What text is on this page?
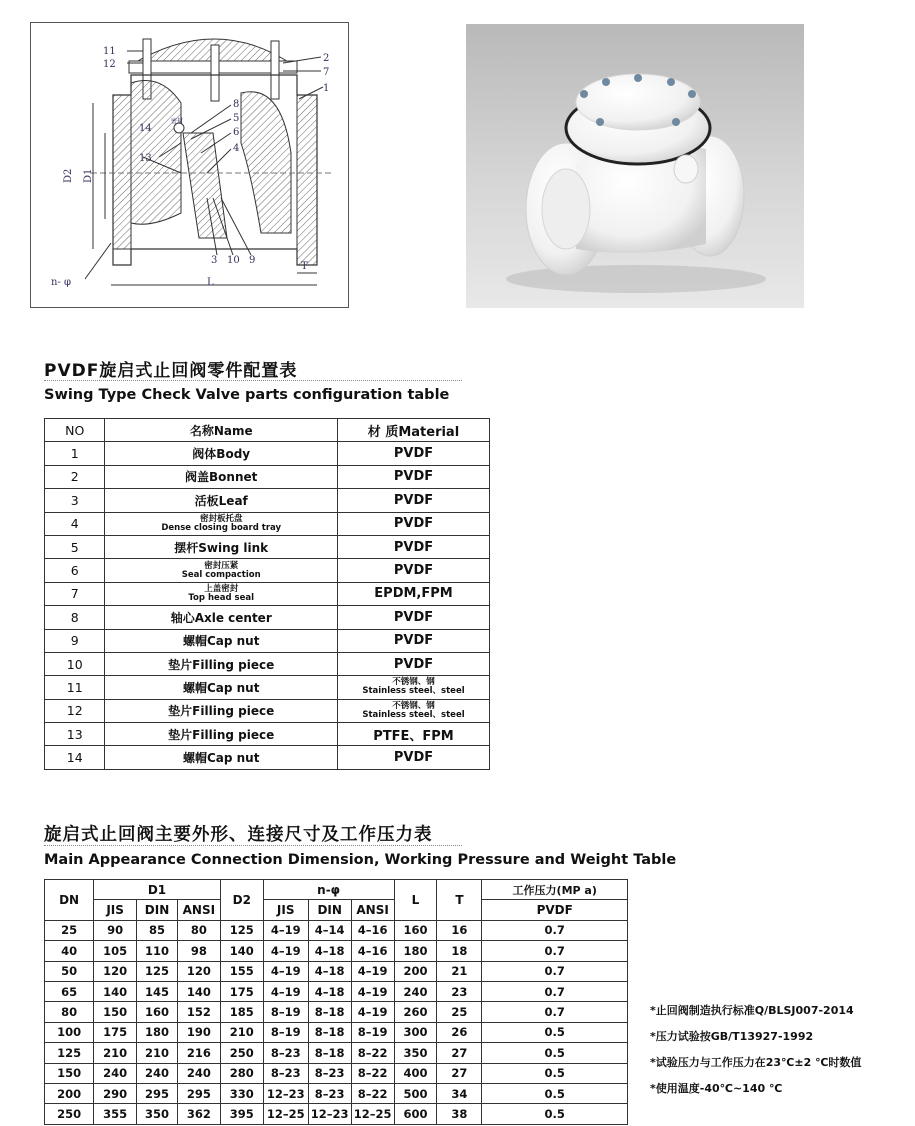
11
12
2
7
1
8
5
6
4
14
13
3 10 9
密封
D2 D1
n- φ	L
T
PVDF旋启式止回阀零件配置表
Swing Type Check Valve parts configuration table
NO	名称Name	材 质Material
1	阀体Body	PVDF
2	阀盖Bonnet	PVDF
3	活板Leaf	PVDF
4	密封板托盘
Dense closing board tray	PVDF
5	摆杆Swing link	PVDF
6	密封压紧
Seal compaction	PVDF
7	上盖密封
Top head seal	EPDM,FPM
8	轴心Axle center	PVDF
9	螺帽Cap nut	PVDF
10	垫片Filling piece	PVDF
11	螺帽Cap nut	不锈钢、钢
Stainless steel、steel

12	垫片Filling piece	不锈钢、钢
Stainless steel、steel

13	垫片Filling piece	PTFE、FPM
14	螺帽Cap nut	PVDF
旋启式止回阀主要外形、连接尺寸及工作压力表
Main Appearance Connection Dimension, Working Pressure and Weight Table
DN	D1			D2	n-φ			L	T	工作压力(MP a)
	JIS	DIN	ANSI		JIS	DIN	ANSI			PVDF
25	90	85	80	125	4–19	4–14	4–16	160	16	0.7
40	105	110	98	140	4–19	4–18	4–16	180	18	0.7
50	120	125	120	155	4–19	4–18	4–19	200	21	0.7
65	140	145	140	175	4–19	4–18	4–19	240	23	0.7
80	150	160	152	185	8–19	8–18	4–19	260	25	0.7
100	175	180	190	210	8–19	8–18	8–19	300	26	0.5
125	210	210	216	250	8–23	8–18	8–22	350	27	0.5
150	240	240	240	280	8–23	8–23	8–22	400	27	0.5
200	290	295	295	330	12–23	8–23	8–22	500	34	0.5
250	355	350	362	395	12–25	12–23	12–25	600	38	0.5
*止回阀制造执行标准Q/BLSJ007-2014
*压力试验按GB/T13927-1992
*试验压力与工作压力在23℃±2 ℃时数值
*使用温度-40℃~140 ℃
